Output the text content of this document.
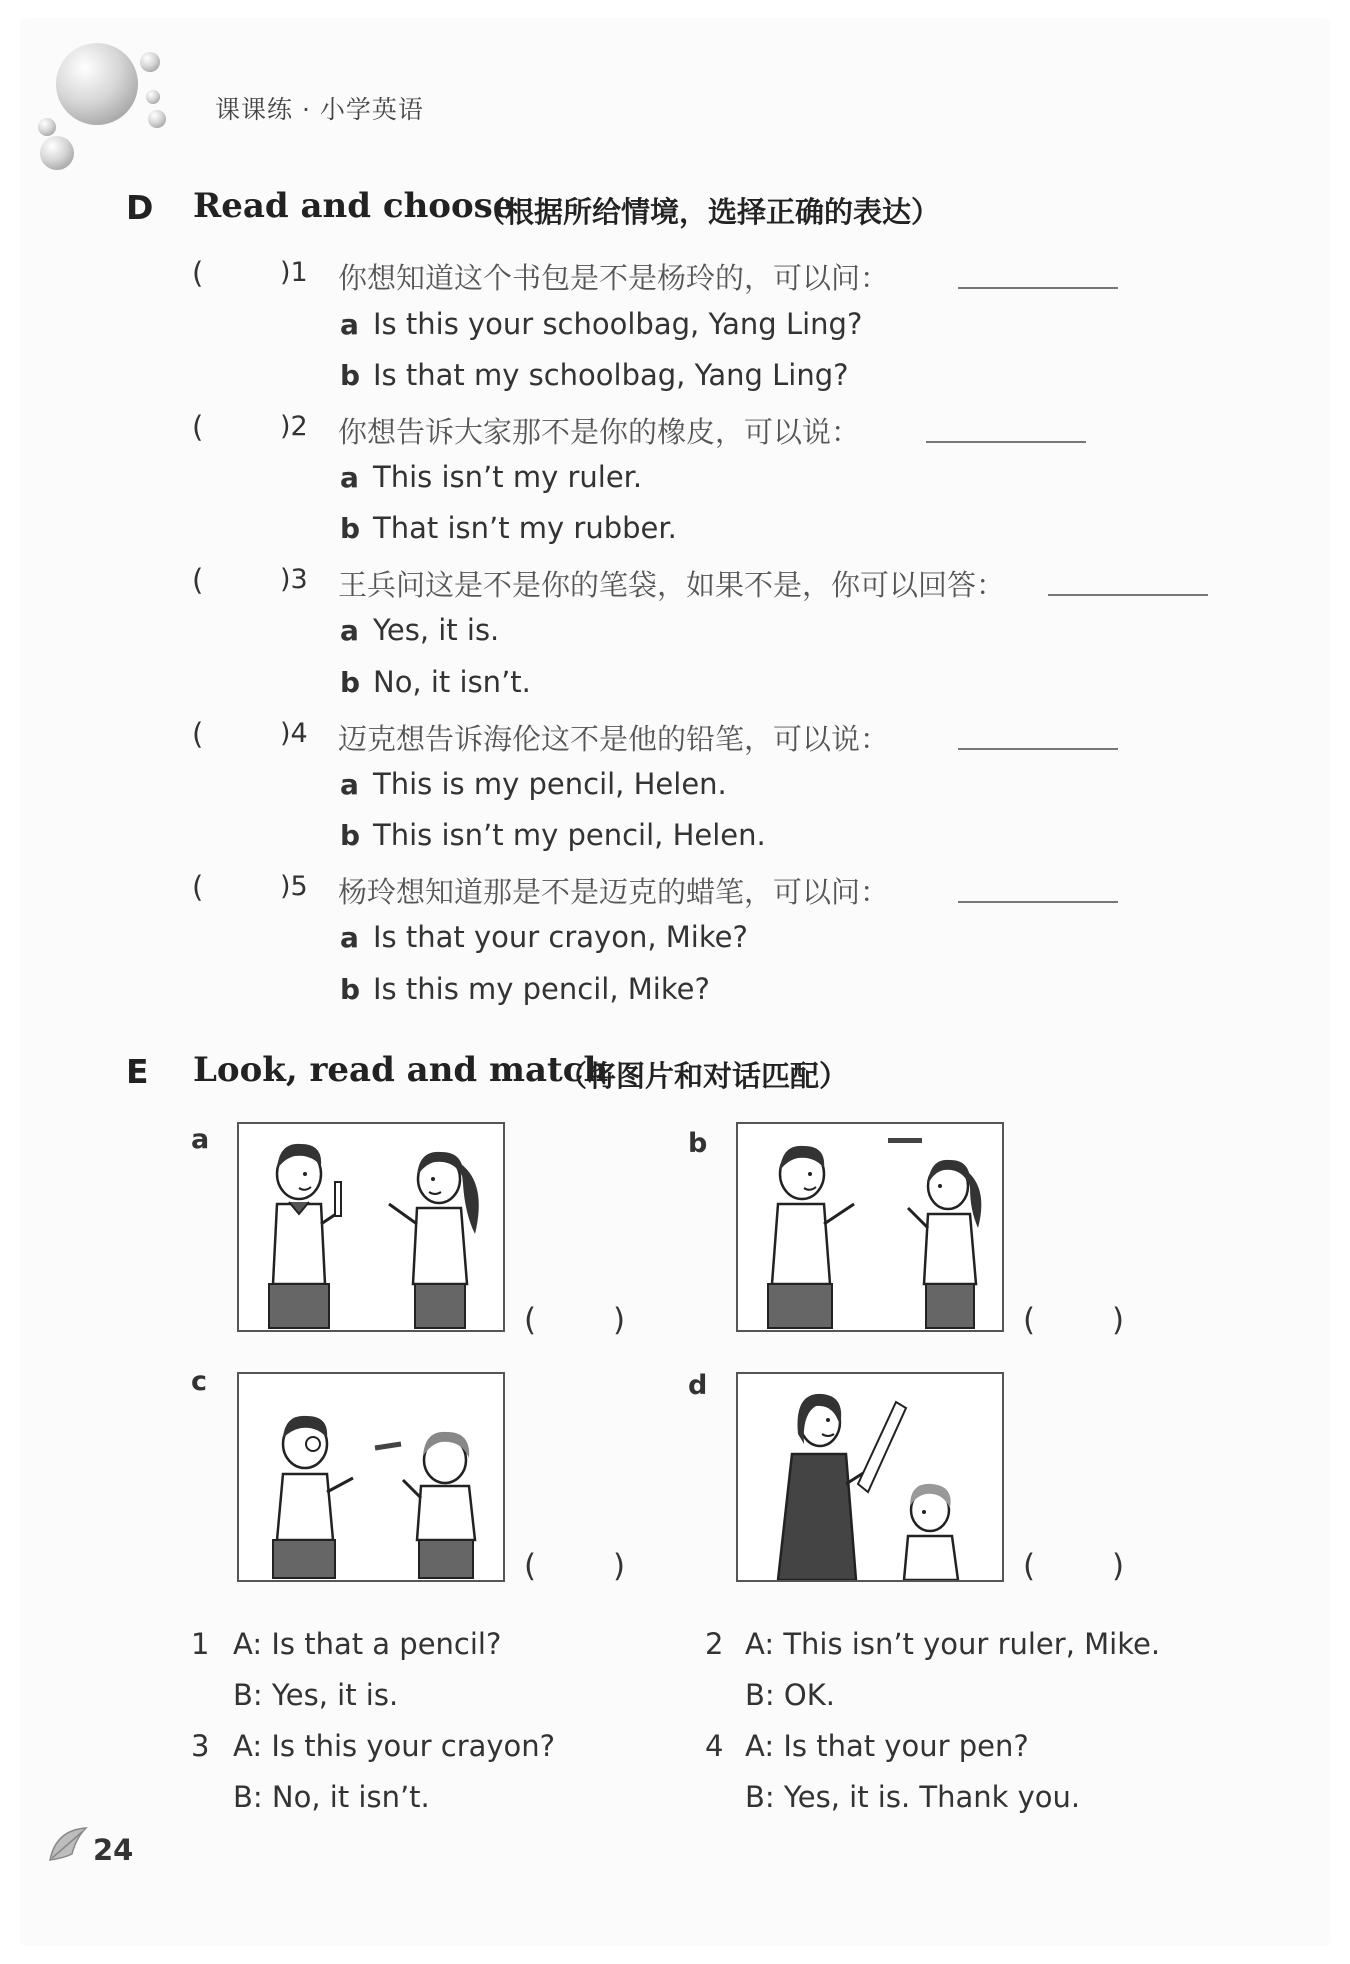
课课练 · 小学英语
D Read and choose
（根据所给情境，选择正确的表达）
(	)1 你想知道这个书包是不是杨玲的，可以问：
a Is this your schoolbag, Yang Ling?
b Is that my schoolbag, Yang Ling?
(	)2 你想告诉大家那不是你的橡皮，可以说：
a This isn’t my ruler.
b That isn’t my rubber.
(	)3 王兵问这是不是你的笔袋，如果不是，你可以回答：
a Yes, it is.
b No, it isn’t.
(	)4 迈克想告诉海伦这不是他的铅笔，可以说：
a This is my pencil, Helen.
b This isn’t my pencil, Helen.
(	)5 杨玲想知道那是不是迈克的蜡笔，可以问：
a Is that your crayon, Mike?
b Is this my pencil, Mike?
E Look, read and match
（将图片和对话匹配）
a
( )
b
( )
c
( )
d
( )
1 A: Is that a pencil?
B: Yes, it is.
2 A: This isn’t your ruler, Mike.
B: OK.
3 A: Is this your crayon?
B: No, it isn’t.
4 A: Is that your pen?
B: Yes, it is. Thank you.
24
